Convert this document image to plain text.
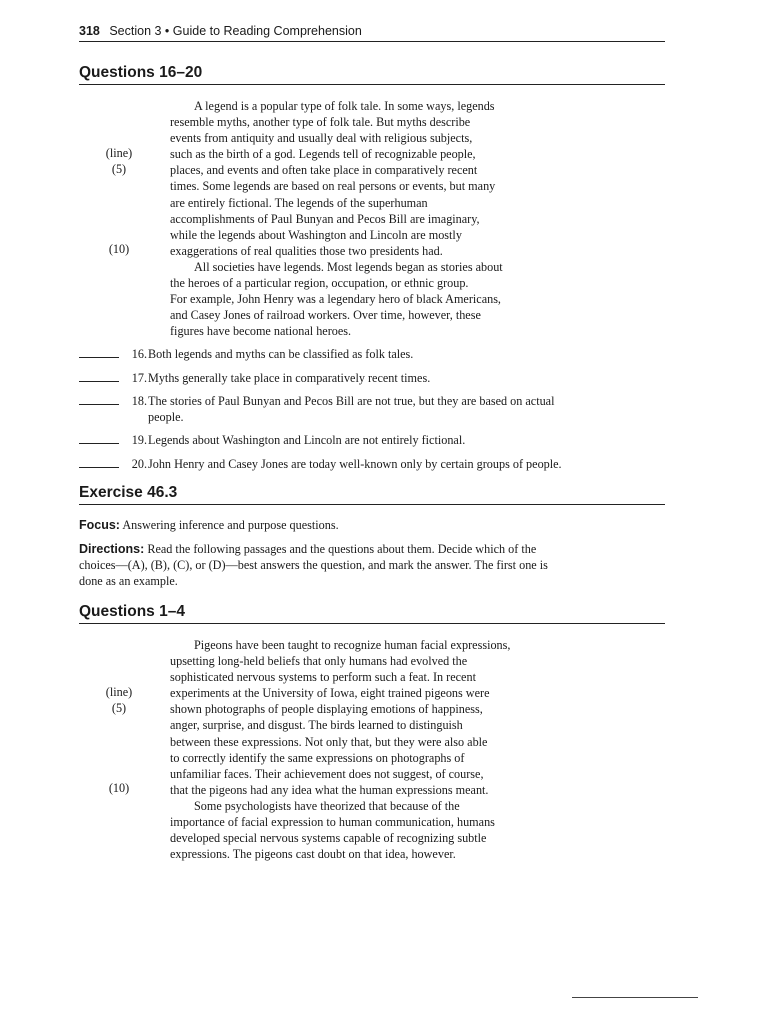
318 Section 3 • Guide to Reading Comprehension
Questions 16–20
A legend is a popular type of folk tale. In some ways, legends
resemble myths, another type of folk tale. But myths describe
events from antiquity and usually deal with religious subjects,
such as the birth of a god. Legends tell of recognizable people,
places, and events and often take place in comparatively recent
times. Some legends are based on real persons or events, but many
are entirely fictional. The legends of the superhuman
accomplishments of Paul Bunyan and Pecos Bill are imaginary,
while the legends about Washington and Lincoln are mostly
exaggerations of real qualities those two presidents had.
All societies have legends. Most legends began as stories about
the heroes of a particular region, occupation, or ethnic group.
For example, John Henry was a legendary hero of black Americans,
and Casey Jones of railroad workers. Over time, however, these
figures have become national heroes.
(line)
(5)
(10)
16. Both legends and myths can be classified as folk tales.
17. Myths generally take place in comparatively recent times.
18. The stories of Paul Bunyan and Pecos Bill are not true, but they are based on actual
people.
19. Legends about Washington and Lincoln are not entirely fictional.
20. John Henry and Casey Jones are today well-known only by certain groups of people.
Exercise 46.3
Focus: Answering inference and purpose questions.
Directions: Read the following passages and the questions about them. Decide which of the
choices—(A), (B), (C), or (D)—best answers the question, and mark the answer. The first one is
done as an example.
Questions 1–4
Pigeons have been taught to recognize human facial expressions,
upsetting long-held beliefs that only humans had evolved the
sophisticated nervous systems to perform such a feat. In recent
experiments at the University of Iowa, eight trained pigeons were
shown photographs of people displaying emotions of happiness,
anger, surprise, and disgust. The birds learned to distinguish
between these expressions. Not only that, but they were also able
to correctly identify the same expressions on photographs of
unfamiliar faces. Their achievement does not suggest, of course,
that the pigeons had any idea what the human expressions meant.
Some psychologists have theorized that because of the
importance of facial expression to human communication, humans
developed special nervous systems capable of recognizing subtle
expressions. The pigeons cast doubt on that idea, however.
(line)
(5)
(10)
